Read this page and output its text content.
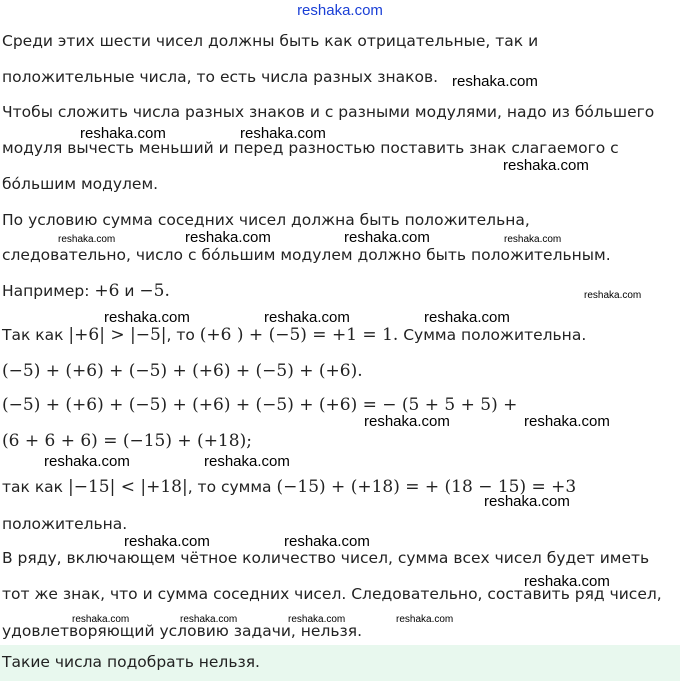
reshaka.com
Среди этих шести чисел должны быть как отрицательные, так и
положительные числа, то есть числа разных знаков.
Чтобы сложить числа разных знаков и с разными модулями, надо из бóльшего
модуля вычесть меньший и перед разностью поставить знак слагаемого с
бóльшим модулем.
По условию сумма соседних чисел должна быть положительна,
следовательно, число с бóльшим модулем должно быть положительным.
Например: +6 и −5.
Так как |+6| > |−5|, то (+6 ) + (−5) = +1 = 1. Сумма положительна.
(−5) + (+6) + (−5) + (+6) + (−5) + (+6).
(−5) + (+6) + (−5) + (+6) + (−5) + (+6) = − (5 + 5 + 5) +
(6 + 6 + 6) = (−15) + (+18);
так как |−15| < |+18|, то сумма (−15) + (+18) = + (18 − 15) = +3
положительна.
В ряду, включающем чётное количество чисел, сумма всех чисел будет иметь
тот же знак, что и сумма соседних чисел. Следовательно, составить ряд чисел,
удовлетворяющий условию задачи, нельзя.
Такие числа подобрать нельзя.
reshaka.com
reshaka.com	reshaka.com
reshaka.com
reshaka.com	reshaka.com	reshaka.com	reshaka.com
reshaka.com
reshaka.com	reshaka.com	reshaka.com
reshaka.com	reshaka.com
reshaka.com	reshaka.com
reshaka.com
reshaka.com	reshaka.com
reshaka.com
reshaka.com	reshaka.com	reshaka.com	reshaka.com
